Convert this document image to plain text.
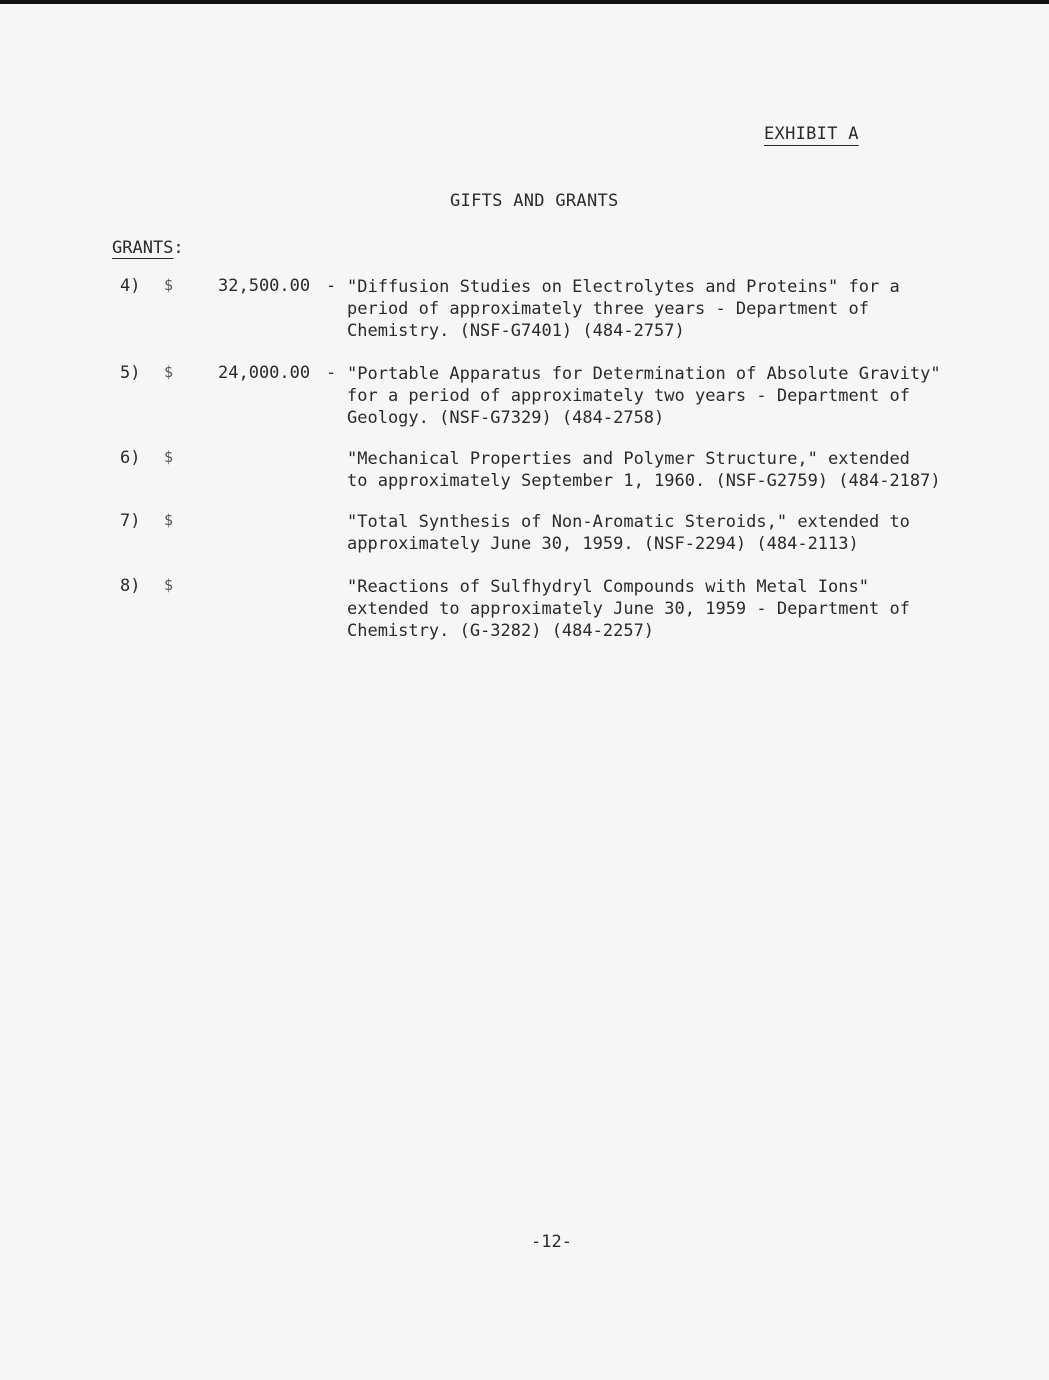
EXHIBIT A
GIFTS AND GRANTS
GRANTS:
4) $	32,500.00 - "Diffusion Studies on Electrolytes and Proteins" for a
period of approximately three years - Department of
Chemistry. (NSF-G7401) (484-2757)
5) $	24,000.00 - "Portable Apparatus for Determination of Absolute Gravity"
for a period of approximately two years - Department of
Geology. (NSF-G7329) (484-2758)
6) $	"Mechanical Properties and Polymer Structure," extended
to approximately September 1, 1960. (NSF-G2759) (484-2187)
7) $	"Total Synthesis of Non-Aromatic Steroids," extended to
approximately June 30, 1959. (NSF-2294) (484-2113)
8) $	"Reactions of Sulfhydryl Compounds with Metal Ions"
extended to approximately June 30, 1959 - Department of
Chemistry. (G-3282) (484-2257)
-12-
